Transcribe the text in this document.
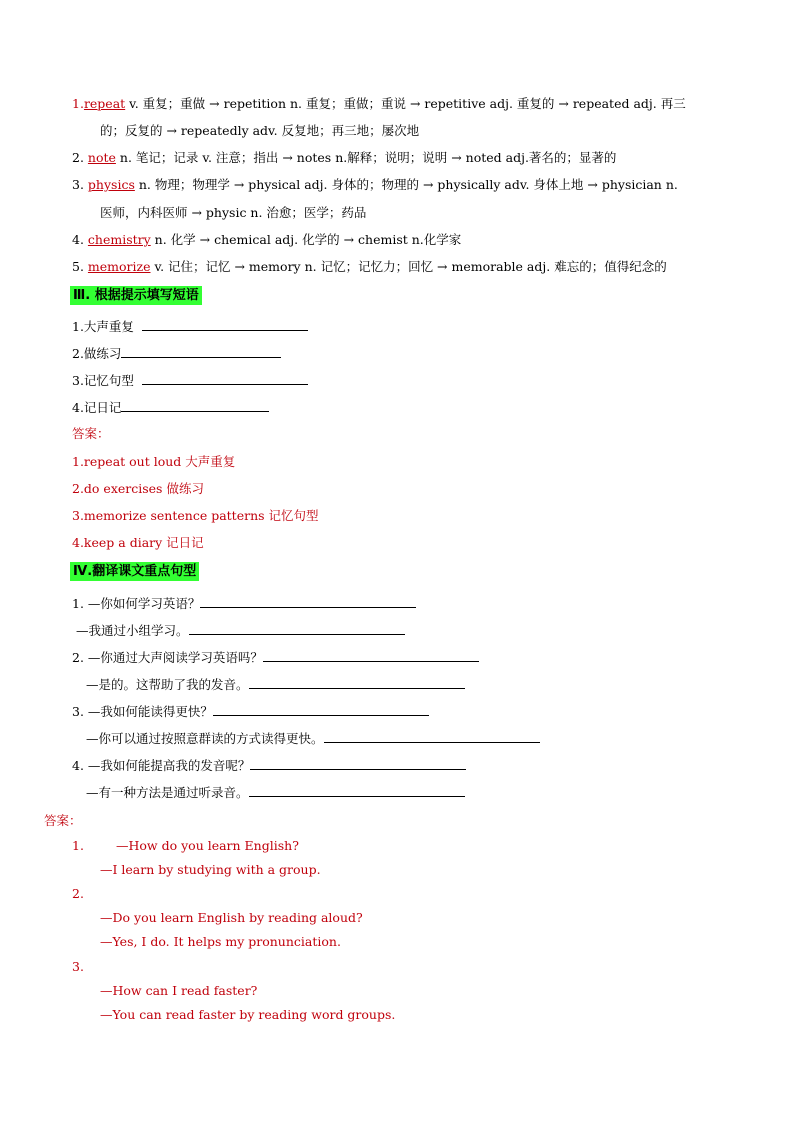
1.repeat v. 重复；重做 → repetition n. 重复；重做；重说 → repetitive adj. 重复的 → repeated adj. 再三
的；反复的 → repeatedly adv. 反复地；再三地；屡次地
2. note n. 笔记；记录 v. 注意；指出 → notes n.解释；说明；说明 → noted adj.著名的；显著的
3. physics n. 物理；物理学 → physical adj. 身体的；物理的 → physically adv. 身体上地 → physician n.
医师，内科医师 → physic n. 治愈；医学；药品
4. chemistry n. 化学 → chemical adj. 化学的 → chemist n.化学家
5. memorize v. 记住；记忆 → memory n. 记忆；记忆力；回忆 → memorable adj. 难忘的；值得纪念的
Ⅲ. 根据提示填写短语
1.大声重复
2.做练习
3.记忆句型
4.记日记
答案：
1.repeat out loud 大声重复
2.do exercises 做练习
3.memorize sentence patterns 记忆句型
4.keep a diary 记日记
Ⅳ.翻译课文重点句型
1. —你如何学习英语？
—我通过小组学习。
2. —你通过大声阅读学习英语吗？
—是的。这帮助了我的发音。
3. —我如何能读得更快？
—你可以通过按照意群读的方式读得更快。
4. —我如何能提高我的发音呢？
—有一种方法是通过听录音。
答案：
1.	—How do you learn English?
—I learn by studying with a group.
2.
—Do you learn English by reading aloud?
—Yes, I do. It helps my pronunciation.
3.
—How can I read faster?
—You can read faster by reading word groups.
